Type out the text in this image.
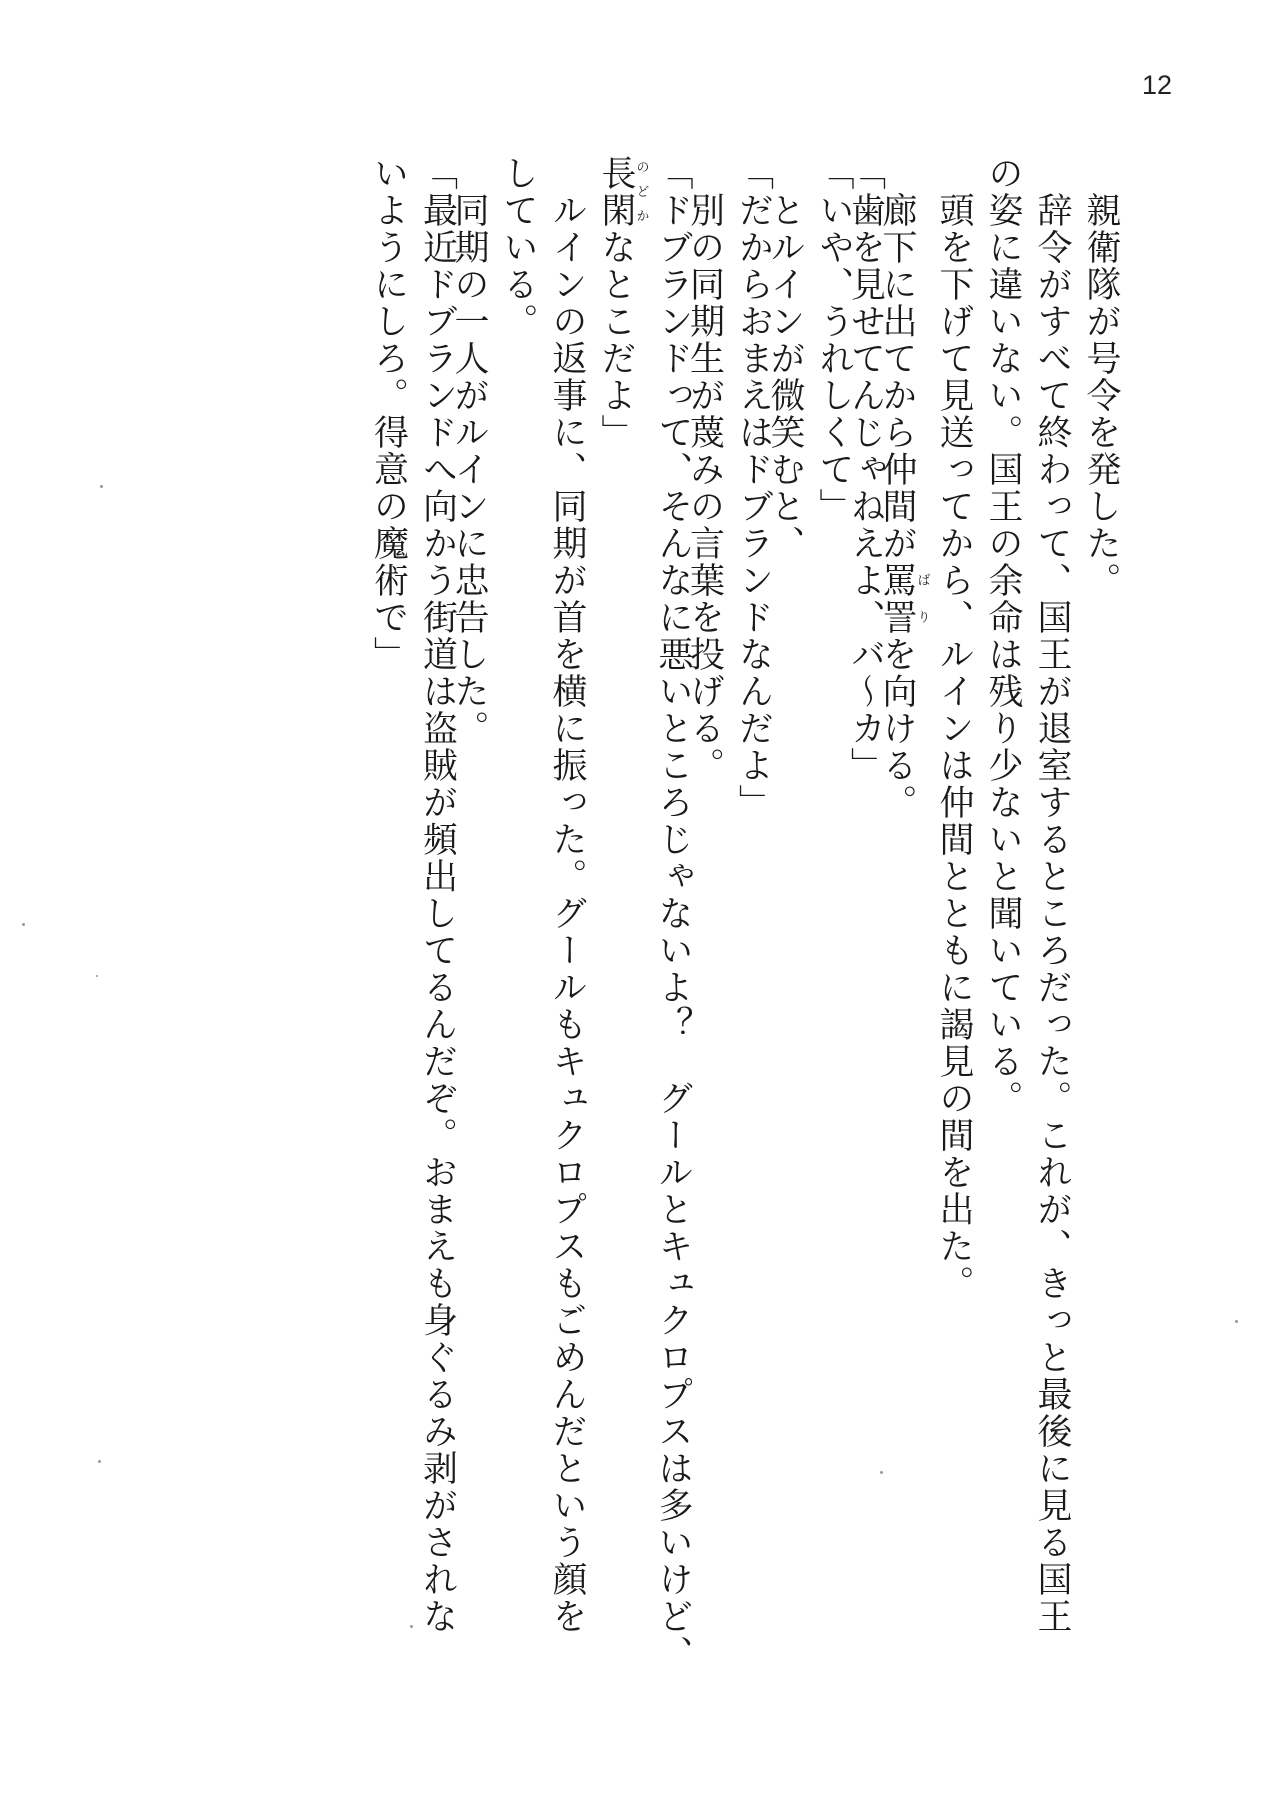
12
　親衛隊が号令を発した。
　辞令がすべて終わって、国王が退室するところだった。これが、きっと最後に見る国王
の姿に違いない。国王の余命は残り少ないと聞いている。
　頭を下げて見送ってから、ルインは仲間とともに謁見の間を出た。
　廊下に出てから仲間が罵詈ばりを向ける。
「歯を見せてんじゃねえよ、バ～カ」
「いや、うれしくて」
　とルインが微笑むと、
「だからおまえはドブランドなんだよ」
　別の同期生が蔑みの言葉を投げる。
「ドブランドって、そんなに悪いところじゃないよ？　グールとキュクロプスは多いけど、
長閑のどかなとこだよ」
　ルインの返事に、同期が首を横に振った。グールもキュクロプスもごめんだという顔を
している。
　同期の一人がルインに忠告した。
「最近ドブランドへ向かう街道は盗賊が頻出してるんだぞ。おまえも身ぐるみ剥がされな
いようにしろ。得意の魔術で」
